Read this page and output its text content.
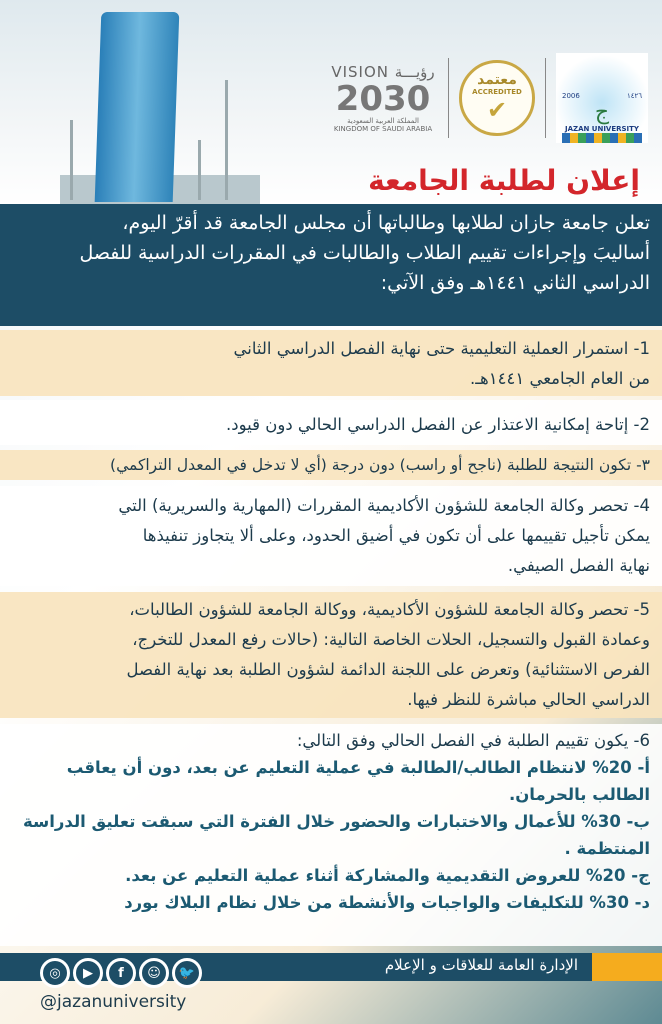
VISION رؤيـــة
2030
المملكة العربية السعودية
KINGDOM OF SAUDI ARABIA
معتمد
ACCREDITED
✔	2006	١٤٢٦
ج
JAZAN UNIVERSITY
إعلان لطلبة الجامعة
تعلن جامعة جازان لطلابها وطالباتها أن مجلس الجامعة قد أقرّ اليوم،
أساليبَ وإجراءات تقييم الطلاب والطالبات في المقررات الدراسية للفصل
الدراسي الثاني ١٤٤١هـ وفق الآتي:
1- استمرار العملية التعليمية حتى نهاية الفصل الدراسي الثاني
من العام الجامعي ١٤٤١هـ.
2- إتاحة إمكانية الاعتذار عن الفصل الدراسي الحالي دون قيود.
٣- تكون النتيجة للطلبة (ناجح أو راسب) دون درجة (أي لا تدخل في المعدل التراكمي)
4- تحصر وكالة الجامعة للشؤون الأكاديمية المقررات (المهارية والسريرية) التي
يمكن تأجيل تقييمها على أن تكون في أضيق الحدود، وعلى ألا يتجاوز تنفيذها
نهاية الفصل الصيفي.
5- تحصر وكالة الجامعة للشؤون الأكاديمية، ووكالة الجامعة للشؤون الطالبات،
وعمادة القبول والتسجيل، الحلات الخاصة التالية: (حالات رفع المعدل للتخرج،
الفرص الاستثنائية) وتعرض على اللجنة الدائمة لشؤون الطلبة بعد نهاية الفصل
الدراسي الحالي مباشرة للنظر فيها.
6- يكون تقييم الطلبة في الفصل الحالي وفق التالي:
أ- 20% لانتظام الطالب/الطالبة في عملية التعليم عن بعد، دون أن يعاقب
الطالب بالحرمان.
ب- 30% للأعمال والاختبارات والحضور خلال الفترة التي سبقت تعليق الدراسة
المنتظمة .
ج- 20% للعروض التقديمية والمشاركة أثناء عملية التعليم عن بعد.
د- 30% للتكليفات والواجبات والأنشطة من خلال نظام البلاك بورد
الإدارة العامة للعلاقات و الإعلام
◎	▶	f	☺	🐦
@jazanuniversity
